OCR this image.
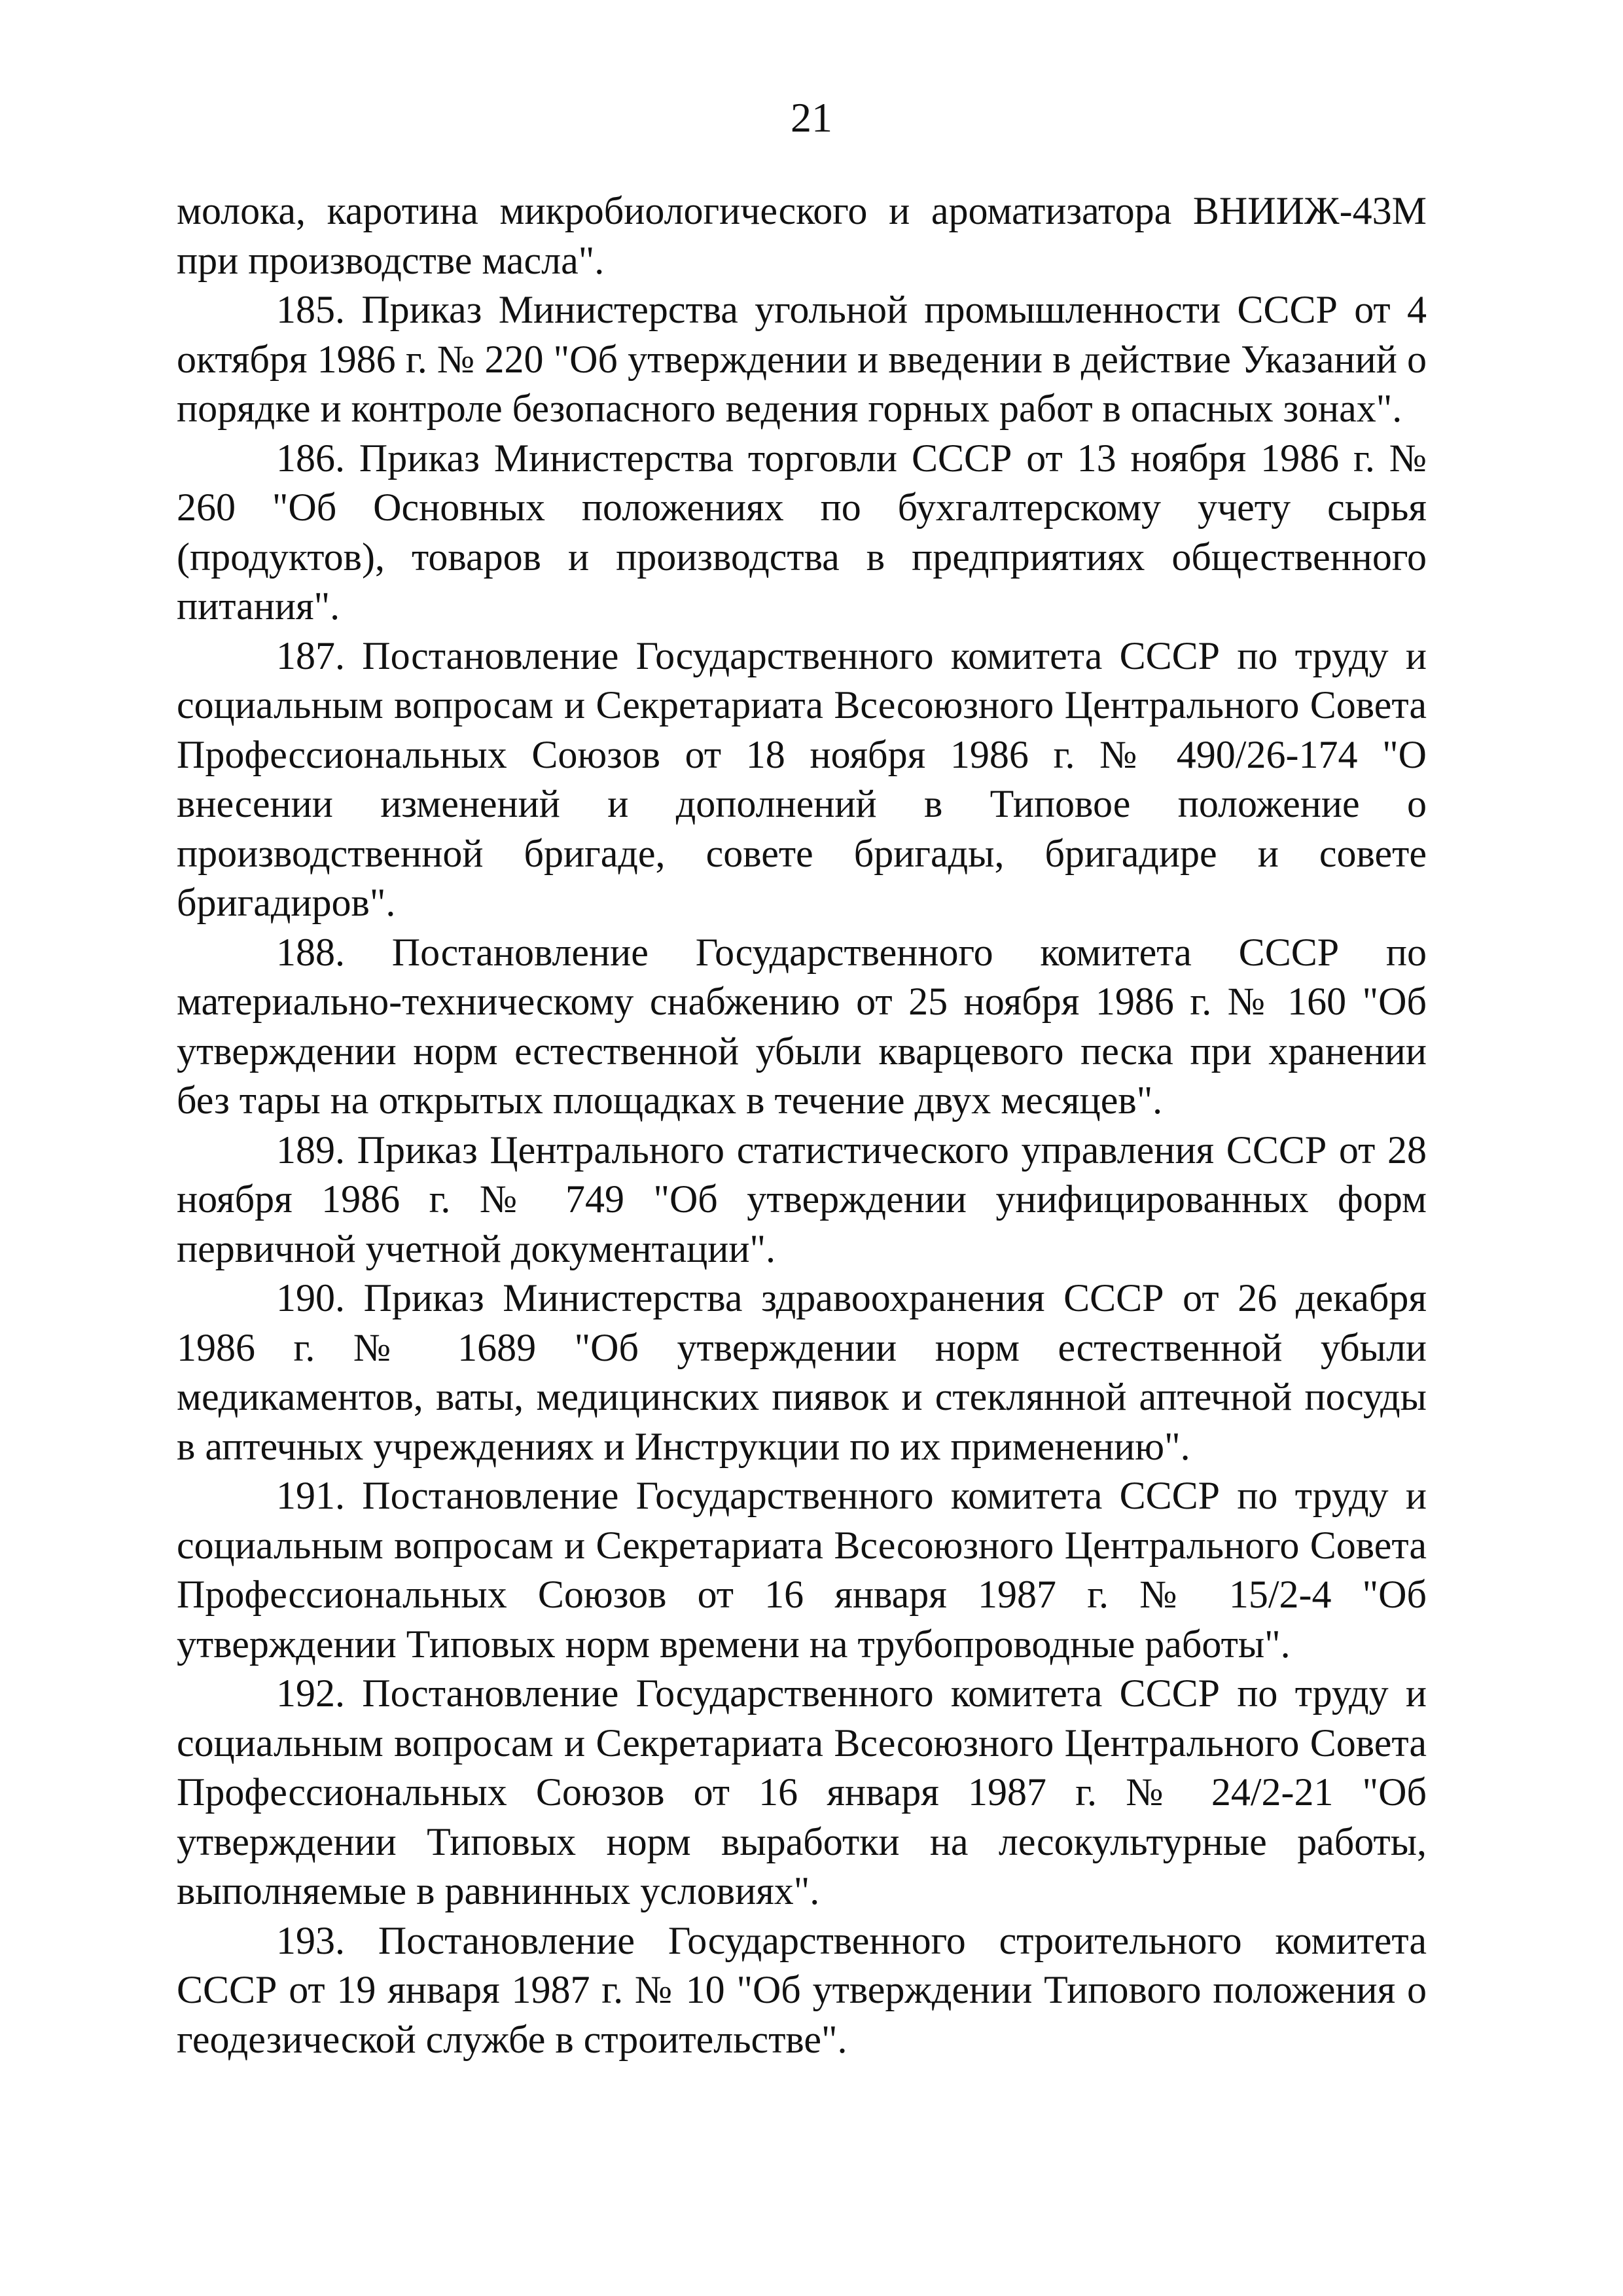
21

молока, каротина микробиологического и ароматизатора ВНИИЖ-43М при производстве масла".

185. Приказ Министерства угольной промышленности СССР от 4 октября 1986 г. № 220 "Об утверждении и введении в действие Указаний о порядке и контроле безопасного ведения горных работ в опасных зонах".

186. Приказ Министерства торговли СССР от 13 ноября 1986 г. № 260 "Об Основных положениях по бухгалтерскому учету сырья (продуктов), товаров и производства в предприятиях общественного питания".

187. Постановление Государственного комитета СССР по труду и социальным вопросам и Секретариата Всесоюзного Центрального Совета Профессиональных Союзов от 18 ноября 1986 г. № 490/26-174 "О внесении изменений и дополнений в Типовое положение о производственной бригаде, совете бригады, бригадире и совете бригадиров".

188. Постановление Государственного комитета СССР по материально-техническому снабжению от 25 ноября 1986 г. № 160 "Об утверждении норм естественной убыли кварцевого песка при хранении без тары на открытых площадках в течение двух месяцев".

189. Приказ Центрального статистического управления СССР от 28 ноября 1986 г. № 749 "Об утверждении унифицированных форм первичной учетной документации".

190. Приказ Министерства здравоохранения СССР от 26 декабря 1986 г. № 1689 "Об утверждении норм естественной убыли медикаментов, ваты, медицинских пиявок и стеклянной аптечной посуды в аптечных учреждениях и Инструкции по их применению".

191. Постановление Государственного комитета СССР по труду и социальным вопросам и Секретариата Всесоюзного Центрального Совета Профессиональных Союзов от 16 января 1987 г. № 15/2-4 "Об утверждении Типовых норм времени на трубопроводные работы".

192. Постановление Государственного комитета СССР по труду и социальным вопросам и Секретариата Всесоюзного Центрального Совета Профессиональных Союзов от 16 января 1987 г. № 24/2-21 "Об утверждении Типовых норм выработки на лесокультурные работы, выполняемые в равнинных условиях".

193. Постановление Государственного строительного комитета СССР от 19 января 1987 г. № 10 "Об утверждении Типового положения о геодезической службе в строительстве".
